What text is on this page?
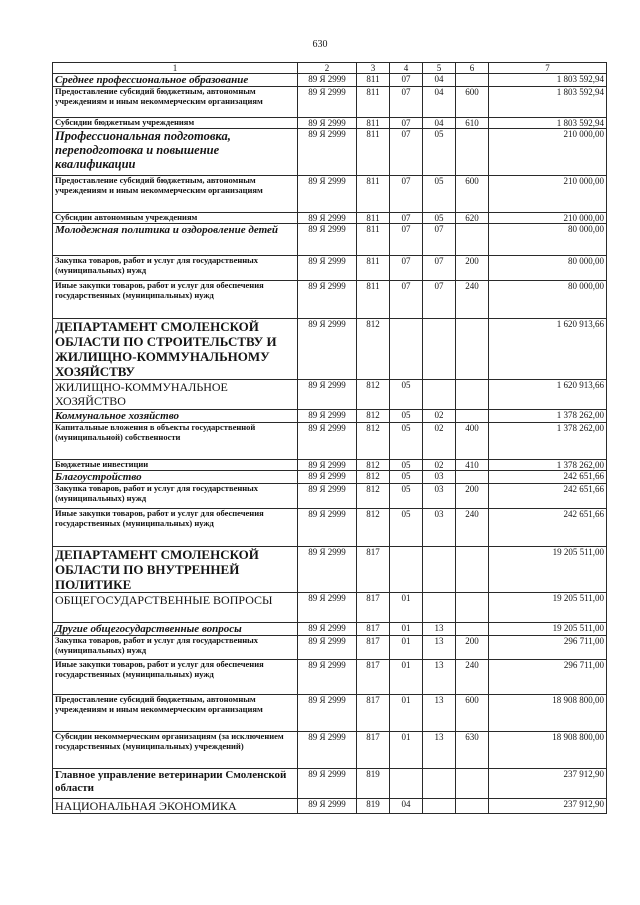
630
1	2	3	4	5	6	7
Среднее профессиональное образование	89 Я 2999	811	07	04		1 803 592,94
Предоставление субсидий бюджетным, автономным учреждениям и иным некоммерческим организациям	89 Я 2999	811	07	04	600	1 803 592,94
Субсидии бюджетным учреждениям	89 Я 2999	811	07	04	610	1 803 592,94
Профессиональная подготовка, переподготовка и повышение квалификации	89 Я 2999	811	07	05		210 000,00
Предоставление субсидий бюджетным, автономным учреждениям и иным некоммерческим организациям	89 Я 2999	811	07	05	600	210 000,00
Субсидии автономным учреждениям	89 Я 2999	811	07	05	620	210 000,00
Молодежная политика и оздоровление детей	89 Я 2999	811	07	07		80 000,00
Закупка товаров, работ и услуг для государственных (муниципальных) нужд	89 Я 2999	811	07	07	200	80 000,00
Иные закупки товаров, работ и услуг для обеспечения государственных (муниципальных) нужд	89 Я 2999	811	07	07	240	80 000,00
ДЕПАРТАМЕНТ СМОЛЕНСКОЙ ОБЛАСТИ ПО СТРОИТЕЛЬСТВУ И ЖИЛИЩНО-КОММУНАЛЬНОМУ ХОЗЯЙСТВУ	89 Я 2999	812				1 620 913,66
ЖИЛИЩНО-КОММУНАЛЬНОЕ ХОЗЯЙСТВО	89 Я 2999	812	05			1 620 913,66
Коммунальное хозяйство	89 Я 2999	812	05	02		1 378 262,00
Капитальные вложения в объекты государственной (муниципальной) собственности	89 Я 2999	812	05	02	400	1 378 262,00
Бюджетные инвестиции	89 Я 2999	812	05	02	410	1 378 262,00
Благоустройство	89 Я 2999	812	05	03		242 651,66
Закупка товаров, работ и услуг для государственных (муниципальных) нужд	89 Я 2999	812	05	03	200	242 651,66
Иные закупки товаров, работ и услуг для обеспечения государственных (муниципальных) нужд	89 Я 2999	812	05	03	240	242 651,66
ДЕПАРТАМЕНТ СМОЛЕНСКОЙ ОБЛАСТИ ПО ВНУТРЕННЕЙ ПОЛИТИКЕ	89 Я 2999	817				19 205 511,00
ОБЩЕГОСУДАРСТВЕННЫЕ ВОПРОСЫ	89 Я 2999	817	01			19 205 511,00
Другие общегосударственные вопросы	89 Я 2999	817	01	13		19 205 511,00
Закупка товаров, работ и услуг для государственных (муниципальных) нужд	89 Я 2999	817	01	13	200	296 711,00
Иные закупки товаров, работ и услуг для обеспечения государственных (муниципальных) нужд	89 Я 2999	817	01	13	240	296 711,00
Предоставление субсидий бюджетным, автономным учреждениям и иным некоммерческим организациям	89 Я 2999	817	01	13	600	18 908 800,00
Субсидии некоммерческим организациям (за исключением государственных (муниципальных) учреждений)	89 Я 2999	817	01	13	630	18 908 800,00
Главное управление ветеринарии Смоленской области	89 Я 2999	819				237 912,90
НАЦИОНАЛЬНАЯ ЭКОНОМИКА	89 Я 2999	819	04			237 912,90
